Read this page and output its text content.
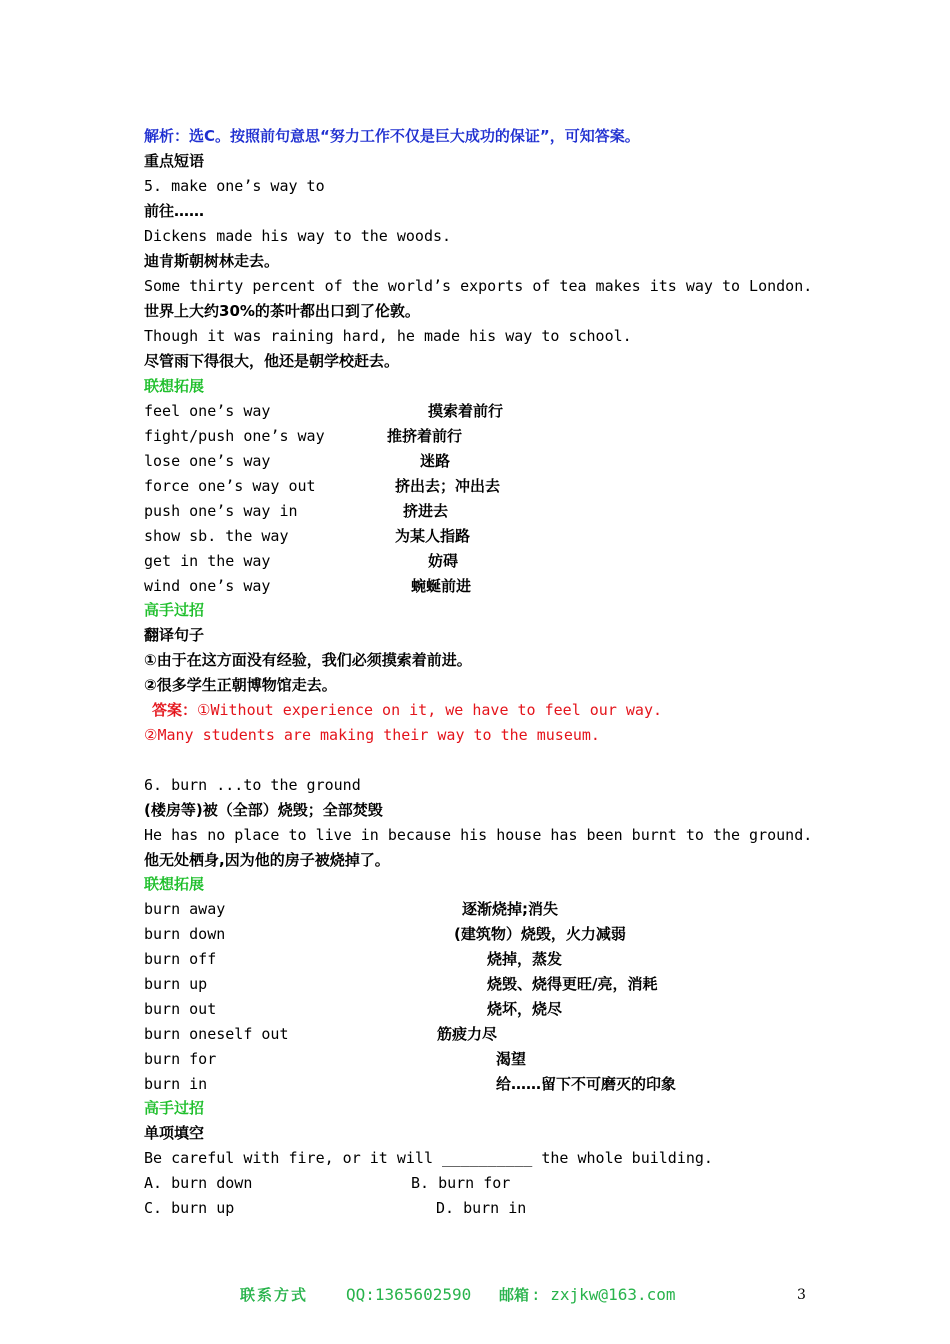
解析：选C。按照前句意思“努力工作不仅是巨大成功的保证”，可知答案。
重点短语
5. make one’s way to
前往……
Dickens made his way to the woods.
迪肯斯朝树林走去。
Some thirty percent of the world’s exports of tea makes its way to London.
世界上大约30%的茶叶都出口到了伦敦。
Though it was raining hard, he made his way to school.
尽管雨下得很大，他还是朝学校赶去。
联想拓展
feel one’s way	摸索着前行
fight/push one’s way	推挤着前行
lose one’s way	迷路
force one’s way out	挤出去；冲出去
push one’s way in	挤进去
show sb. the way	为某人指路
get in the way	妨碍
wind one’s way	蜿蜒前进
高手过招
翻译句子
①由于在这方面没有经验，我们必须摸索着前进。
②很多学生正朝博物馆走去。
答案：①Without experience on it, we have to feel our way.
②Many students are making their way to the museum.
6. burn ...to the ground
(楼房等)被（全部）烧毁；全部焚毁
He has no place to live in because his house has been burnt to the ground.
他无处栖身,因为他的房子被烧掉了。
联想拓展
burn away	逐渐烧掉;消失
burn down	(建筑物）烧毁，火力减弱
burn off	烧掉，蒸发
burn up	烧毁、烧得更旺/亮，消耗
burn out	烧坏，烧尽
burn oneself out	筋疲力尽
burn for	渴望
burn in	给……留下不可磨灭的印象
高手过招
单项填空
Be careful with fire, or it will __________ the whole building.
A. burn down	B. burn for
C. burn up	D. burn in
联系方式 QQ:1365602590 邮箱 : zxjkw@163.com	3
